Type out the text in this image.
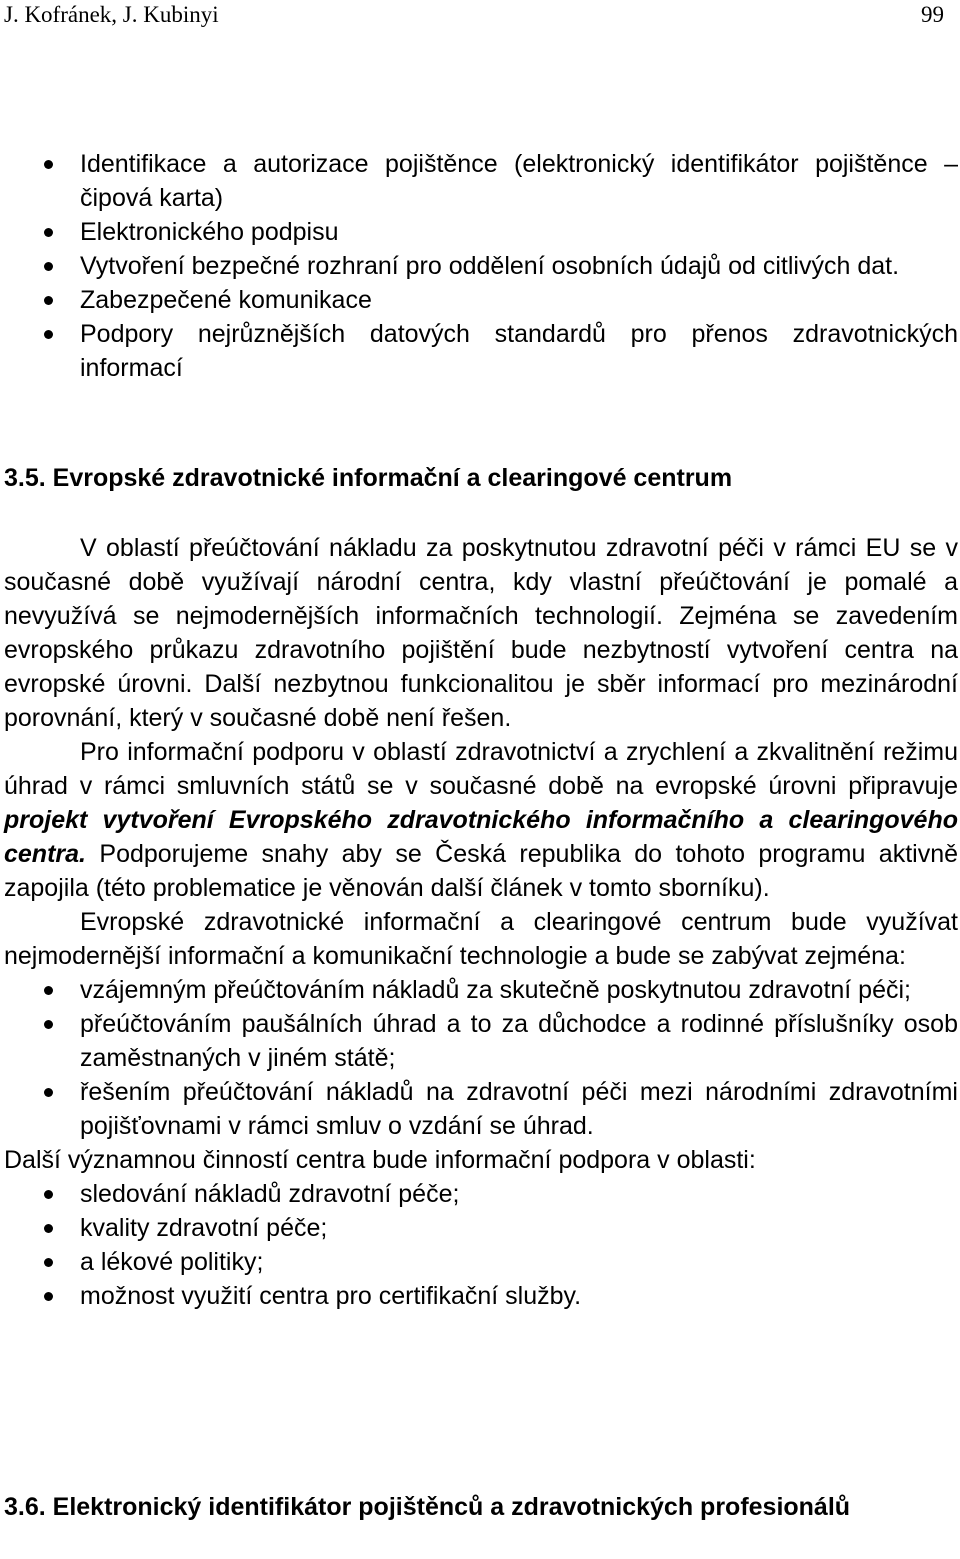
J. Kofránek, J. Kubinyi	99
Identifikace a autorizace pojištěnce (elektronický identifikátor pojištěnce – čipová karta)
Elektronického podpisu
Vytvoření bezpečné rozhraní pro oddělení osobních údajů od citlivých dat.
Zabezpečené komunikace
Podpory nejrůznějších datových standardů pro přenos zdravotnických informací
3.5. Evropské zdravotnické informační a clearingové centrum

V oblastí přeúčtování nákladu za poskytnutou zdravotní péči v rámci EU se v současné době využívají národní centra, kdy vlastní přeúčtování je pomalé a nevyužívá se nejmodernějších informačních technologií. Zejména se zavedením evropského průkazu zdravotního pojištění bude nezbytností vytvoření centra na evropské úrovni. Další nezbytnou funkcionalitou je sběr informací pro mezinárodní porovnání, který v současné době není řešen.

Pro informační podporu v oblastí zdravotnictví a zrychlení a zkvalitnění režimu úhrad v rámci smluvních států se v současné době na evropské úrovni připravuje projekt vytvoření Evropského zdravotnického informačního a clearingového centra. Podporujeme snahy aby se Česká republika do tohoto programu aktivně zapojila (této problematice je věnován další článek v tomto sborníku).

Evropské zdravotnické informační a clearingové centrum bude využívat nejmodernější informační a komunikační technologie a bude se zabývat zejména:

vzájemným přeúčtováním nákladů za skutečně poskytnutou zdravotní péči;
přeúčtováním paušálních úhrad a to za důchodce a rodinné příslušníky osob zaměstnaných v jiném státě;
řešením přeúčtování nákladů na zdravotní péči mezi národními zdravotními pojišťovnami v rámci smluv o vzdání se úhrad.

Další významnou činností centra bude informační podpora v oblasti:

sledování nákladů zdravotní péče;
kvality zdravotní péče;
a lékové politiky;
možnost využití centra pro certifikační služby.
3.6. Elektronický identifikátor pojištěnců a zdravotnických profesionálů
